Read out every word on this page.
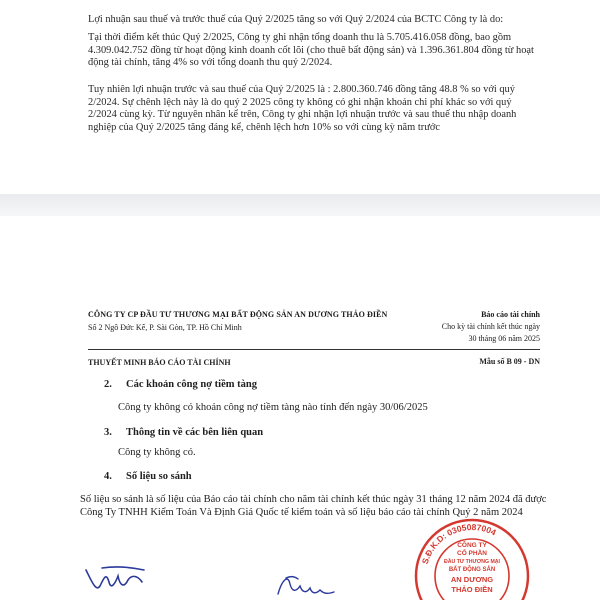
Lợi nhuận sau thuế và trước thuế của Quý 2/2025 tăng so với Quý 2/2024 của BCTC Công ty là do:
Tại thời điểm kết thúc Quý 2/2025, Công ty ghi nhận tổng doanh thu là 5.705.416.058 đồng, bao gồm 4.309.042.752 đồng từ hoạt động kinh doanh cốt lõi (cho thuê bất động sản) và 1.396.361.804 đồng từ hoạt động tài chính, tăng 4% so với tổng doanh thu quý 2/2024.
Tuy nhiên lợi nhuận trước và sau thuế của Quý 2/2025 là : 2.800.360.746 đồng tăng 48.8 % so với quý 2/2024. Sự chênh lệch này là do quý 2 2025 công ty không có ghi nhận khoản chi phí khác so với quý 2/2024 cùng kỳ. Từ nguyên nhân kể trên, Công ty ghi nhận lợi nhuận trước và sau thuế thu nhập doanh nghiệp của Quý 2/2025 tăng đáng kể, chênh lệch hơn 10% so với cùng kỳ năm trước
CÔNG TY CP ĐẦU TƯ THƯƠNG MẠI BẤT ĐỘNG SẢN AN DƯƠNG THẢO ĐIỀN
Số 2 Ngô Đức Kế, P. Sài Gòn, TP. Hồ Chí Minh
Báo cáo tài chính
Cho kỳ tài chính kết thúc ngày
30 tháng 06 năm 2025
THUYẾT MINH BÁO CÁO TÀI CHÍNH	Mẫu số B 09 - DN
2. Các khoản công nợ tiềm tàng
Công ty không có khoản công nợ tiềm tàng nào tính đến ngày 30/06/2025
3. Thông tin về các bên liên quan
Công ty không có.
4. Số liệu so sánh
Số liệu so sánh là số liệu của Báo cáo tài chính cho năm tài chính kết thúc ngày 31 tháng 12 năm 2024 đã được Công Ty TNHH Kiểm Toán Và Định Giá Quốc tế kiểm toán và số liệu báo cáo tài chính Quý 2 năm 2024
S.Đ.K.D: 0305087004
CÔNG TY
CỔ PHẦN
ĐẦU TƯ THƯƠNG MẠI
BẤT ĐỘNG SẢN
AN DƯƠNG
THẢO ĐIỀN
